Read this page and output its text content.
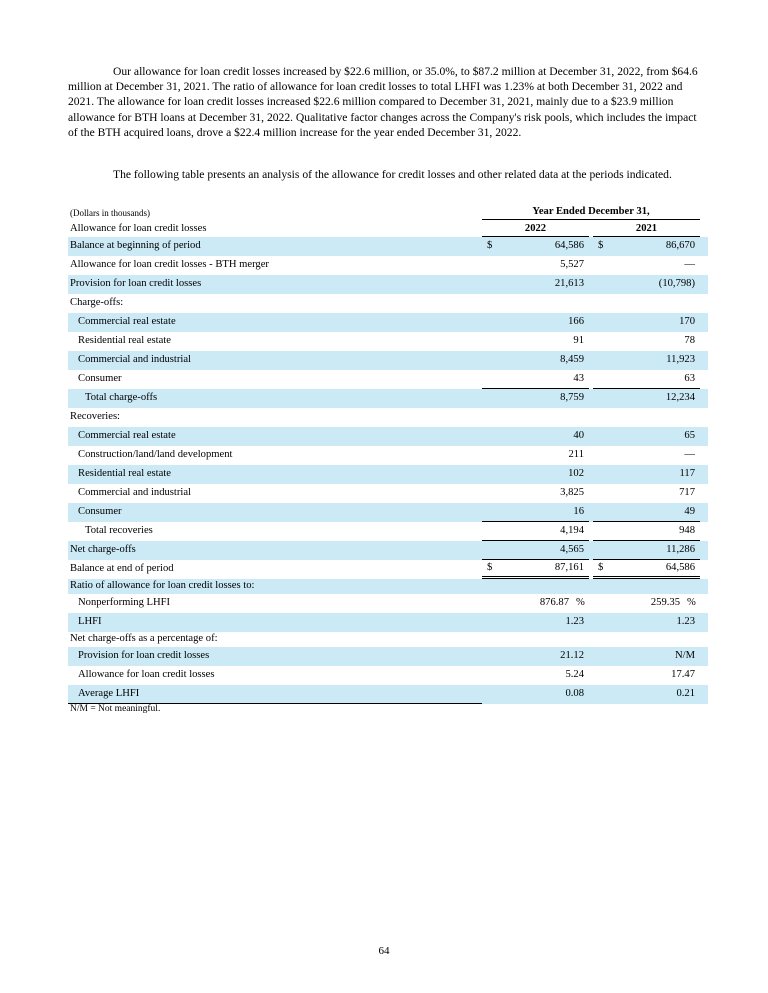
Our allowance for loan credit losses increased by $22.6 million, or 35.0%, to $87.2 million at December 31, 2022, from $64.6 million at December 31, 2021. The ratio of allowance for loan credit losses to total LHFI was 1.23% at both December 31, 2022 and 2021. The allowance for loan credit losses increased $22.6 million compared to December 31, 2021, mainly due to a $23.9 million allowance for BTH loans at December 31, 2022. Qualitative factor changes across the Company's risk pools, which includes the impact of the BTH acquired loans, drove a $22.4 million increase for the year ended December 31, 2022.

The following table presents an analysis of the allowance for credit losses and other related data at the periods indicated.

(Dollars in thousands)	Year Ended December 31,
Allowance for loan credit losses	2022	2021
Balance at beginning of period	$	64,586	$	86,670
Allowance for loan credit losses - BTH merger	5,527	—
Provision for loan credit losses	21,613	(10,798)
Charge-offs:
Commercial real estate	166	170
Residential real estate	91	78
Commercial and industrial	8,459	11,923
Consumer	43	63
Total charge-offs	8,759	12,234
Recoveries:
Commercial real estate	40	65
Construction/land/land development	211	—
Residential real estate	102	117
Commercial and industrial	3,825	717
Consumer	16	49
Total recoveries	4,194	948
Net charge-offs	4,565	11,286
Balance at end of period	$	87,161	$	64,586
Ratio of allowance for loan credit losses to:
Nonperforming LHFI	876.87 %	259.35 %
LHFI	1.23	1.23
Net charge-offs as a percentage of:
Provision for loan credit losses	21.12	N/M
Allowance for loan credit losses	5.24	17.47
Average LHFI	0.08	0.21
N/M = Not meaningful.
64
